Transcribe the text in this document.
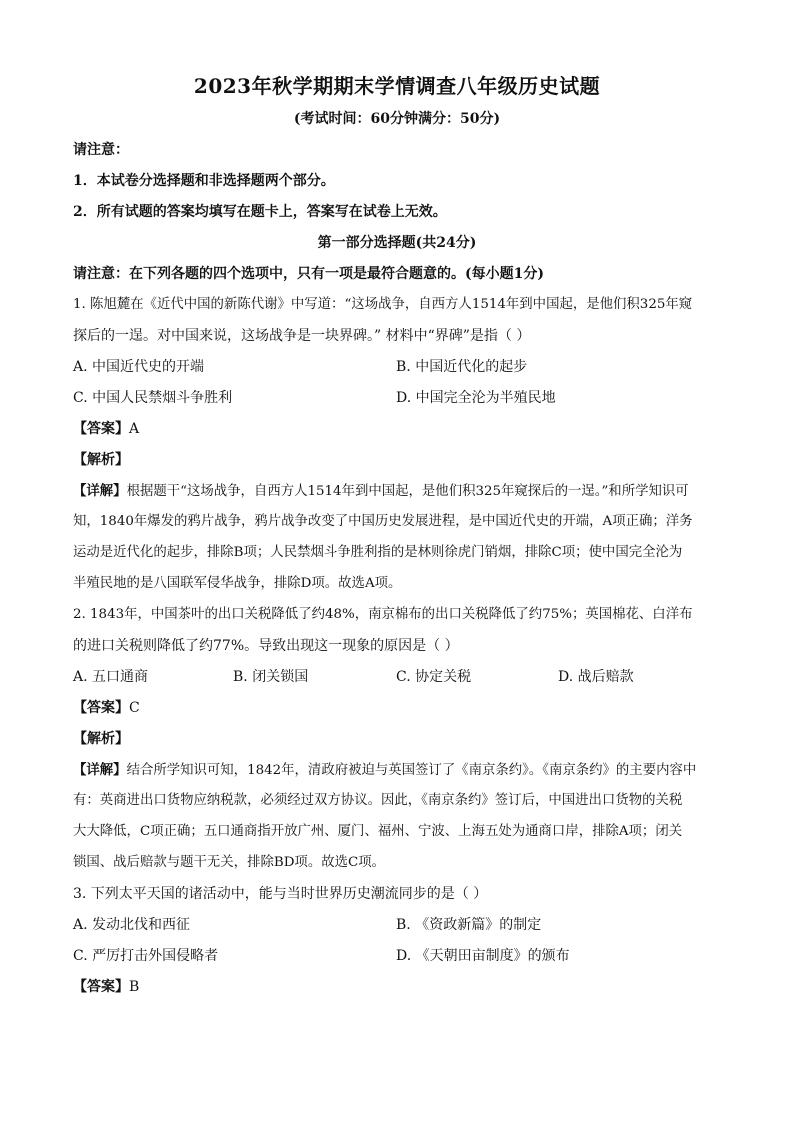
2023年秋学期期末学情调查八年级历史试题
(考试时间：60分钟满分：50分)
请注意：
1．本试卷分选择题和非选择题两个部分。
2．所有试题的答案均填写在题卡上，答案写在试卷上无效。
第一部分选择题(共24分)
请注意：在下列各题的四个选项中，只有一项是最符合题意的。(每小题1分)
1. 陈旭麓在《近代中国的新陈代谢》中写道：“这场战争，自西方人1514年到中国起，是他们积325年窥
探后的一逞。对中国来说，这场战争是一块界碑。” 材料中“界碑”是指（ ）
A. 中国近代史的开端	B. 中国近代化的起步
C. 中国人民禁烟斗争胜利	D. 中国完全沦为半殖民地
【答案】A
【解析】
【详解】根据题干“这场战争，自西方人1514年到中国起，是他们积325年窥探后的一逞。”和所学知识可
知，1840年爆发的鸦片战争，鸦片战争改变了中国历史发展进程，是中国近代史的开端，A项正确；洋务
运动是近代化的起步，排除B项；人民禁烟斗争胜利指的是林则徐虎门销烟，排除C项；使中国完全沦为
半殖民地的是八国联军侵华战争，排除D项。故选A项。
2. 1843年，中国茶叶的出口关税降低了约48%，南京棉布的出口关税降低了约75%；英国棉花、白洋布
的进口关税则降低了约77%。导致出现这一现象的原因是（ ）
A. 五口通商	B. 闭关锁国	C. 协定关税	D. 战后赔款
【答案】C
【解析】
【详解】结合所学知识可知，1842年，清政府被迫与英国签订了《南京条约》。《南京条约》的主要内容中
有：英商进出口货物应纳税款，必须经过双方协议。因此，《南京条约》签订后，中国进出口货物的关税
大大降低，C项正确；五口通商指开放广州、厦门、福州、宁波、上海五处为通商口岸，排除A项；闭关
锁国、战后赔款与题干无关，排除BD项。故选C项。
3. 下列太平天国的诸活动中，能与当时世界历史潮流同步的是（ ）
A. 发动北伐和西征	B. 《资政新篇》的制定
C. 严厉打击外国侵略者	D. 《天朝田亩制度》的颁布
【答案】B
